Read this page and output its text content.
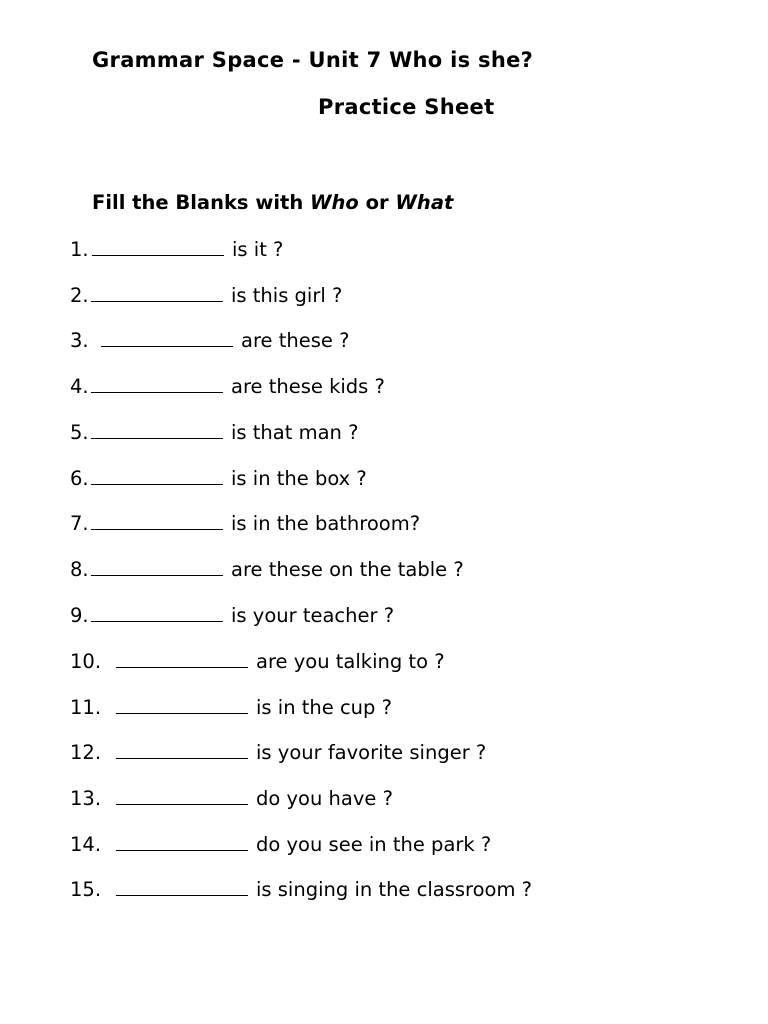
Grammar Space - Unit 7 Who is she?
Practice Sheet
Fill the Blanks with Who or What
1.	is it ?
2.	is this girl ?
3.	are these ?
4.	are these kids ?
5.	is that man ?
6.	is in the box ?
7.	is in the bathroom?
8.	are these on the table ?
9.	is your teacher ?
10.	are you talking to ?
11.	is in the cup ?
12.	is your favorite singer ?
13.	do you have ?
14.	do you see in the park ?
15.	is singing in the classroom ?
